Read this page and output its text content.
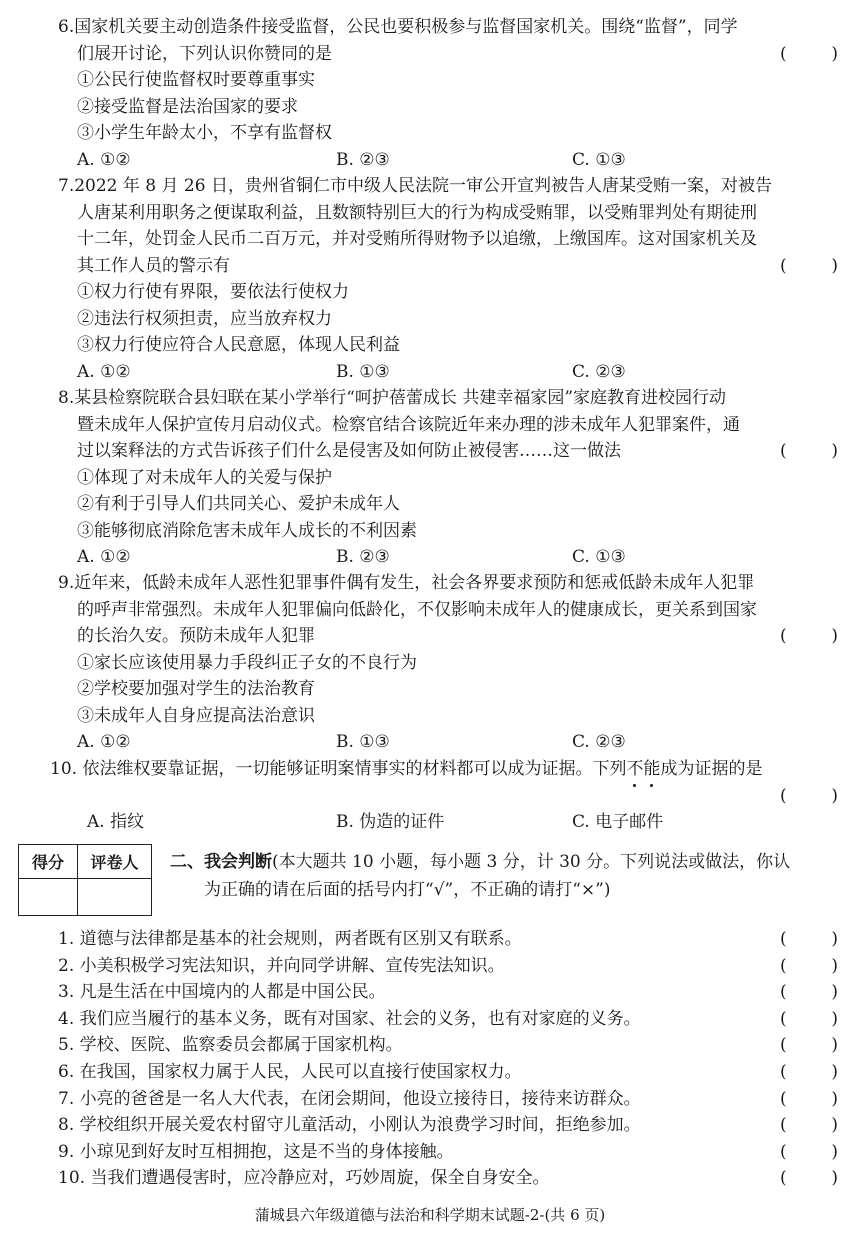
6.国家机关要主动创造条件接受监督，公民也要积极参与监督国家机关。围绕“监督”，同学
们展开讨论，下列认识你赞同的是	(	)
①公民行使监督权时要尊重事实
②接受监督是法治国家的要求
③小学生年龄太小，不享有监督权
A. ①②	B. ②③	C. ①③
7.2022 年 8 月 26 日，贵州省铜仁市中级人民法院一审公开宣判被告人唐某受贿一案，对被告
人唐某利用职务之便谋取利益，且数额特别巨大的行为构成受贿罪，以受贿罪判处有期徒刑
十二年，处罚金人民币二百万元，并对受贿所得财物予以追缴，上缴国库。这对国家机关及
其工作人员的警示有	(	)
①权力行使有界限，要依法行使权力
②违法行权须担责，应当放弃权力
③权力行使应符合人民意愿，体现人民利益
A. ①②	B. ①③	C. ②③
8.某县检察院联合县妇联在某小学举行“呵护蓓蕾成长 共建幸福家园”家庭教育进校园行动
暨未成年人保护宣传月启动仪式。检察官结合该院近年来办理的涉未成年人犯罪案件，通
过以案释法的方式告诉孩子们什么是侵害及如何防止被侵害……这一做法	(	)
①体现了对未成年人的关爱与保护
②有利于引导人们共同关心、爱护未成年人
③能够彻底消除危害未成年人成长的不利因素
A. ①②	B. ②③	C. ①③
9.近年来，低龄未成年人恶性犯罪事件偶有发生，社会各界要求预防和惩戒低龄未成年人犯罪
的呼声非常强烈。未成年人犯罪偏向低龄化，不仅影响未成年人的健康成长，更关系到国家
的长治久安。预防未成年人犯罪	(	)
①家长应该使用暴力手段纠正子女的不良行为
②学校要加强对学生的法治教育
③未成年人自身应提高法治意识
A. ①②	B. ①③	C. ②③
10. 依法维权要靠证据，一切能够证明案情事实的材料都可以成为证据。下列不能成为证据的是
(	)
A. 指纹	B. 伪造的证件	C. 电子邮件
得分	评卷人	二、我会判断(本大题共 10 小题，每小题 3 分，计 30 分。下列说法或做法，你认
为正确的请在后面的括号内打“√”，不正确的请打“×”)
1. 道德与法律都是基本的社会规则，两者既有区别又有联系。	(	)
2. 小美积极学习宪法知识，并向同学讲解、宣传宪法知识。	(	)
3. 凡是生活在中国境内的人都是中国公民。	(	)
4. 我们应当履行的基本义务，既有对国家、社会的义务，也有对家庭的义务。	(	)
5. 学校、医院、监察委员会都属于国家机构。	(	)
6. 在我国，国家权力属于人民，人民可以直接行使国家权力。	(	)
7. 小亮的爸爸是一名人大代表，在闭会期间，他设立接待日，接待来访群众。	(	)
8. 学校组织开展关爱农村留守儿童活动，小刚认为浪费学习时间，拒绝参加。	(	)
9. 小琼见到好友时互相拥抱，这是不当的身体接触。	(	)
10. 当我们遭遇侵害时，应冷静应对，巧妙周旋，保全自身安全。	(	)
蒲城县六年级道德与法治和科学期末试题-2-(共 6 页)
